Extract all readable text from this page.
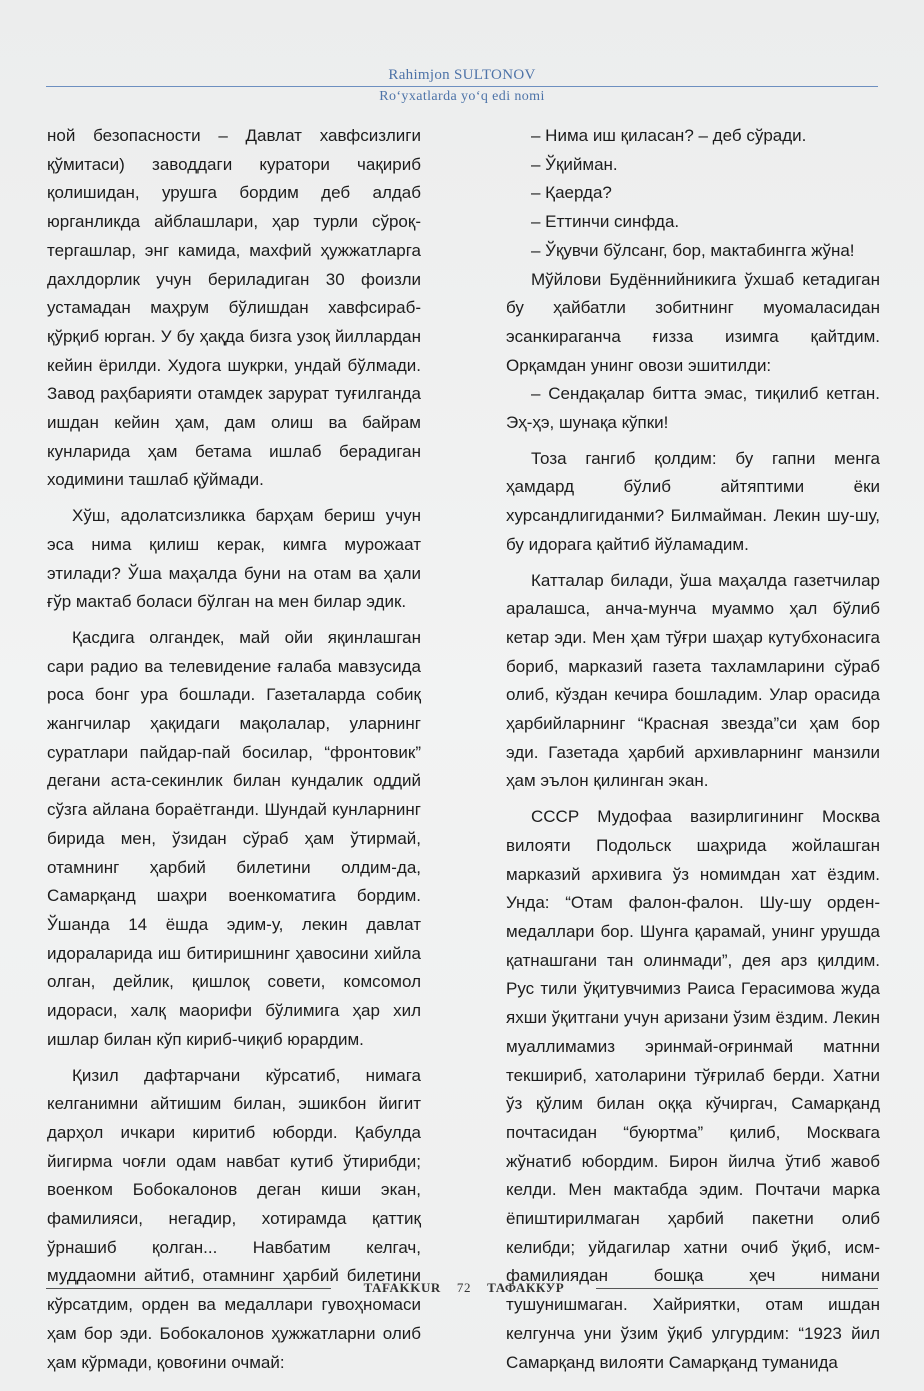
Rahimjon SULTONOV
Ro‘yxatlarda yo‘q edi nomi

ной безопасности – Давлат хавфсизлиги қўмитаси) заводдаги куратори чақириб қолишидан, урушга бордим деб алдаб юрганликда айблашлари, ҳар турли сўроқ-тергашлар, энг камида, махфий ҳужжатларга дахлдорлик учун бериладиган 30 фоизли устамадан маҳрум бўлишдан хавфсираб-қўрқиб юрган. У бу ҳақда бизга узоқ йиллардан кейин ёрилди. Худога шукрки, ундай бўлмади. Завод раҳбарияти отамдек зарурат туғилганда ишдан кейин ҳам, дам олиш ва байрам кунларида ҳам бетама ишлаб берадиган ходимини ташлаб қўймади.

Хўш, адолатсизликка барҳам бериш учун эса нима қилиш керак, кимга мурожаат этилади? Ўша маҳалда буни на отам ва ҳали ғўр мактаб боласи бўлган на мен билар эдик.

Қасдига олгандек, май ойи яқинлашган сари радио ва телевидение ғалаба мавзусида роса бонг ура бошлади. Газеталарда собиқ жангчилар ҳақидаги мақолалар, уларнинг суратлари пайдар-пай босилар, “фронтовик” дегани аста-секинлик билан кундалик оддий сўзга айлана бораётганди. Шундай кунларнинг бирида мен, ўзидан сўраб ҳам ўтирмай, отамнинг ҳарбий билетини олдим-да, Самарқанд шаҳри военкоматига бордим. Ўшанда 14 ёшда эдим-у, лекин давлат идораларида иш битиришнинг ҳавосини хийла олган, дейлик, қишлоқ совети, комсомол идораси, халқ маорифи бўлимига ҳар хил ишлар билан кўп кириб-чиқиб юрардим.

Қизил дафтарчани кўрсатиб, нимага келганимни айтишим билан, эшикбон йигит дарҳол ичкари киритиб юборди. Қабулда йигирма чоғли одам навбат кутиб ўтирибди; военком Бобокалонов деган киши экан, фамилияси, негадир, хотирамда қаттиқ ўрнашиб қолган... Навбатим келгач, муддаомни айтиб, отамнинг ҳарбий билетини кўрсатдим, орден ва медаллари гувоҳномаси ҳам бор эди. Бобокалонов ҳужжатларни олиб ҳам кўрмади, қовоғини очмай:

– Нима иш қиласан? – деб сўради.

– Ўқийман.

– Қаерда?

– Еттинчи синфда.

– Ўқувчи бўлсанг, бор, мактабингга жўна!

Мўйлови Будённийникига ўхшаб кетадиган бу ҳайбатли зобитнинг муомаласидан эсанкираганча ғизза изимга қайтдим. Орқамдан унинг овози эшитилди:

– Сендақалар битта эмас, тиқилиб кетган. Эҳ-ҳэ, шунақа кўпки!

Тоза гангиб қолдим: бу гапни менга ҳамдард бўлиб айтяптими ёки хурсандлигиданми? Билмайман. Лекин шу-шу, бу идорага қайтиб йўламадим.

Катталар билади, ўша маҳалда газетчилар аралашса, анча-мунча муаммо ҳал бўлиб кетар эди. Мен ҳам тўғри шаҳар кутубхонасига бориб, марказий газета тахламларини сўраб олиб, кўздан кечира бошладим. Улар орасида ҳарбийларнинг “Красная звезда”си ҳам бор эди. Газетада ҳарбий архивларнинг манзили ҳам эълон қилинган экан.

СССР Мудофаа вазирлигининг Москва вилояти Подольск шаҳрида жойлашган марказий архивига ўз номимдан хат ёздим. Унда: “Отам фалон-фалон. Шу-шу орден-медаллари бор. Шунга қарамай, унинг урушда қатнашгани тан олинмади”, дея арз қилдим. Рус тили ўқитувчимиз Раиса Герасимова жуда яхши ўқитгани учун аризани ўзим ёздим. Лекин муаллимамиз эринмай-оғринмай матнни текшириб, хатоларини тўғрилаб берди. Хатни ўз қўлим билан оққа кўчиргач, Самарқанд почтасидан “буюртма” қилиб, Москвага жўнатиб юбордим. Бирон йилча ўтиб жавоб келди. Мен мактабда эдим. Почтачи марка ёпиштирилмаган ҳарбий пакетни олиб келибди; уйдагилар хатни очиб ўқиб, исм-фамилиядан бошқа ҳеч нимани тушунишмаган. Хайриятки, отам ишдан келгунча уни ўзим ўқиб улгурдим: “1923 йил Самарқанд вилояти Самарқанд туманида

TAFAKKUR 72 ТАФАККУР
